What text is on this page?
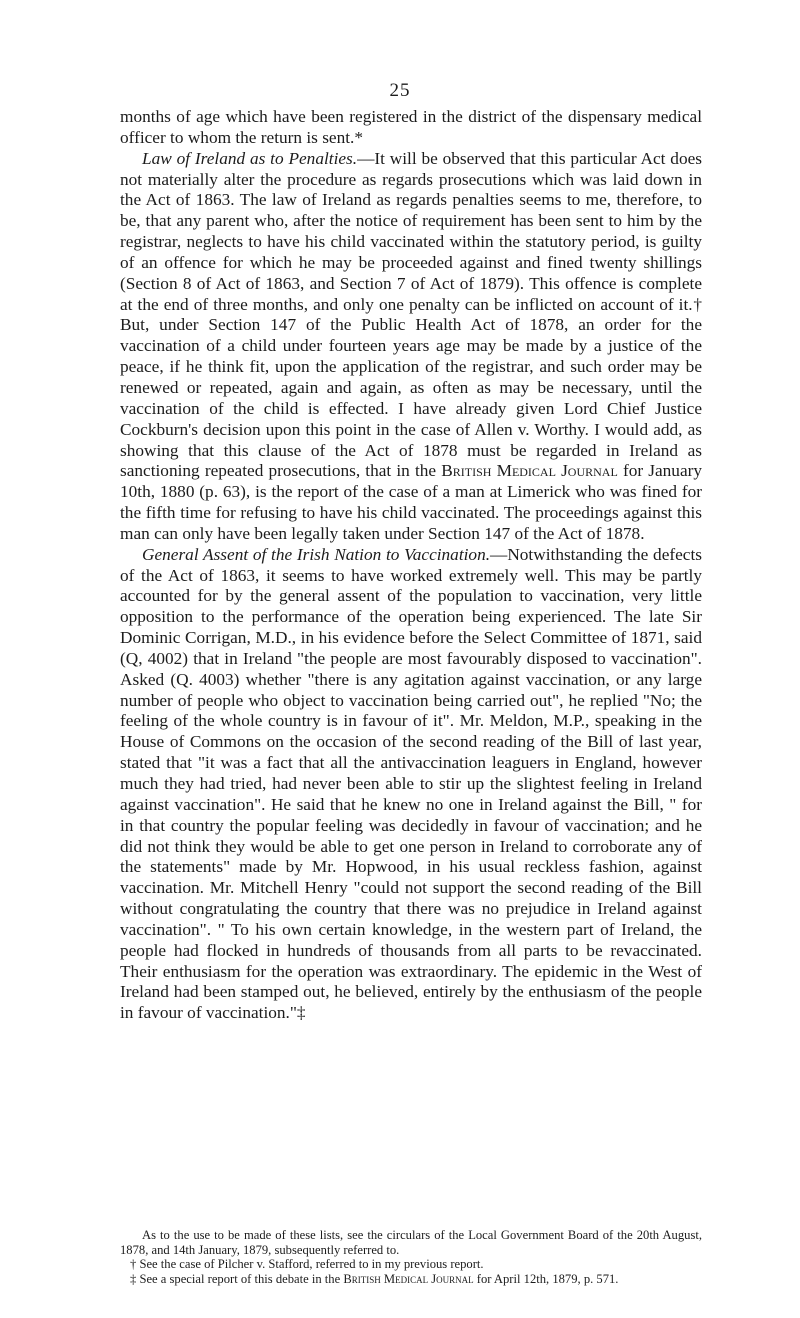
25

months of age which have been registered in the district of the dispensary medical officer to whom the return is sent.*

Law of Ireland as to Penalties.—It will be observed that this particular Act does not materially alter the procedure as regards prosecutions which was laid down in the Act of 1863. The law of Ireland as regards penalties seems to me, therefore, to be, that any parent who, after the notice of requirement has been sent to him by the registrar, neglects to have his child vaccinated within the statutory period, is guilty of an offence for which he may be proceeded against and fined twenty shillings (Section 8 of Act of 1863, and Section 7 of Act of 1879). This offence is complete at the end of three months, and only one penalty can be inflicted on account of it.† But, under Section 147 of the Public Health Act of 1878, an order for the vaccination of a child under fourteen years age may be made by a justice of the peace, if he think fit, upon the application of the registrar, and such order may be renewed or repeated, again and again, as often as may be necessary, until the vaccination of the child is effected. I have already given Lord Chief Justice Cockburn's decision upon this point in the case of Allen v. Worthy. I would add, as showing that this clause of the Act of 1878 must be regarded in Ireland as sanctioning repeated prosecutions, that in the British Medical Journal for January 10th, 1880 (p. 63), is the report of the case of a man at Limerick who was fined for the fifth time for refusing to have his child vaccinated. The proceedings against this man can only have been legally taken under Section 147 of the Act of 1878.

General Assent of the Irish Nation to Vaccination.—Notwithstanding the defects of the Act of 1863, it seems to have worked extremely well. This may be partly accounted for by the general assent of the population to vaccination, very little opposition to the performance of the operation being experienced. The late Sir Dominic Corrigan, M.D., in his evidence before the Select Committee of 1871, said (Q, 4002) that in Ireland "the people are most favourably disposed to vaccination". Asked (Q. 4003) whether "there is any agitation against vaccination, or any large number of people who object to vaccination being carried out", he replied "No; the feeling of the whole country is in favour of it". Mr. Meldon, M.P., speaking in the House of Commons on the occasion of the second reading of the Bill of last year, stated that "it was a fact that all the antivaccination leaguers in England, however much they had tried, had never been able to stir up the slightest feeling in Ireland against vaccination". He said that he knew no one in Ireland against the Bill, " for in that country the popular feeling was decidedly in favour of vaccination; and he did not think they would be able to get one person in Ireland to corroborate any of the statements" made by Mr. Hopwood, in his usual reckless fashion, against vaccination. Mr. Mitchell Henry "could not support the second reading of the Bill without congratulating the country that there was no prejudice in Ireland against vaccination". " To his own certain knowledge, in the western part of Ireland, the people had flocked in hundreds of thousands from all parts to be revaccinated. Their enthusiasm for the operation was extraordinary. The epidemic in the West of Ireland had been stamped out, he believed, entirely by the enthusiasm of the people in favour of vaccination."‡

As to the use to be made of these lists, see the circulars of the Local Government Board of the 20th August, 1878, and 14th January, 1879, subsequently referred to.

† See the case of Pilcher v. Stafford, referred to in my previous report.

‡ See a special report of this debate in the British Medical Journal for April 12th, 1879, p. 571.
